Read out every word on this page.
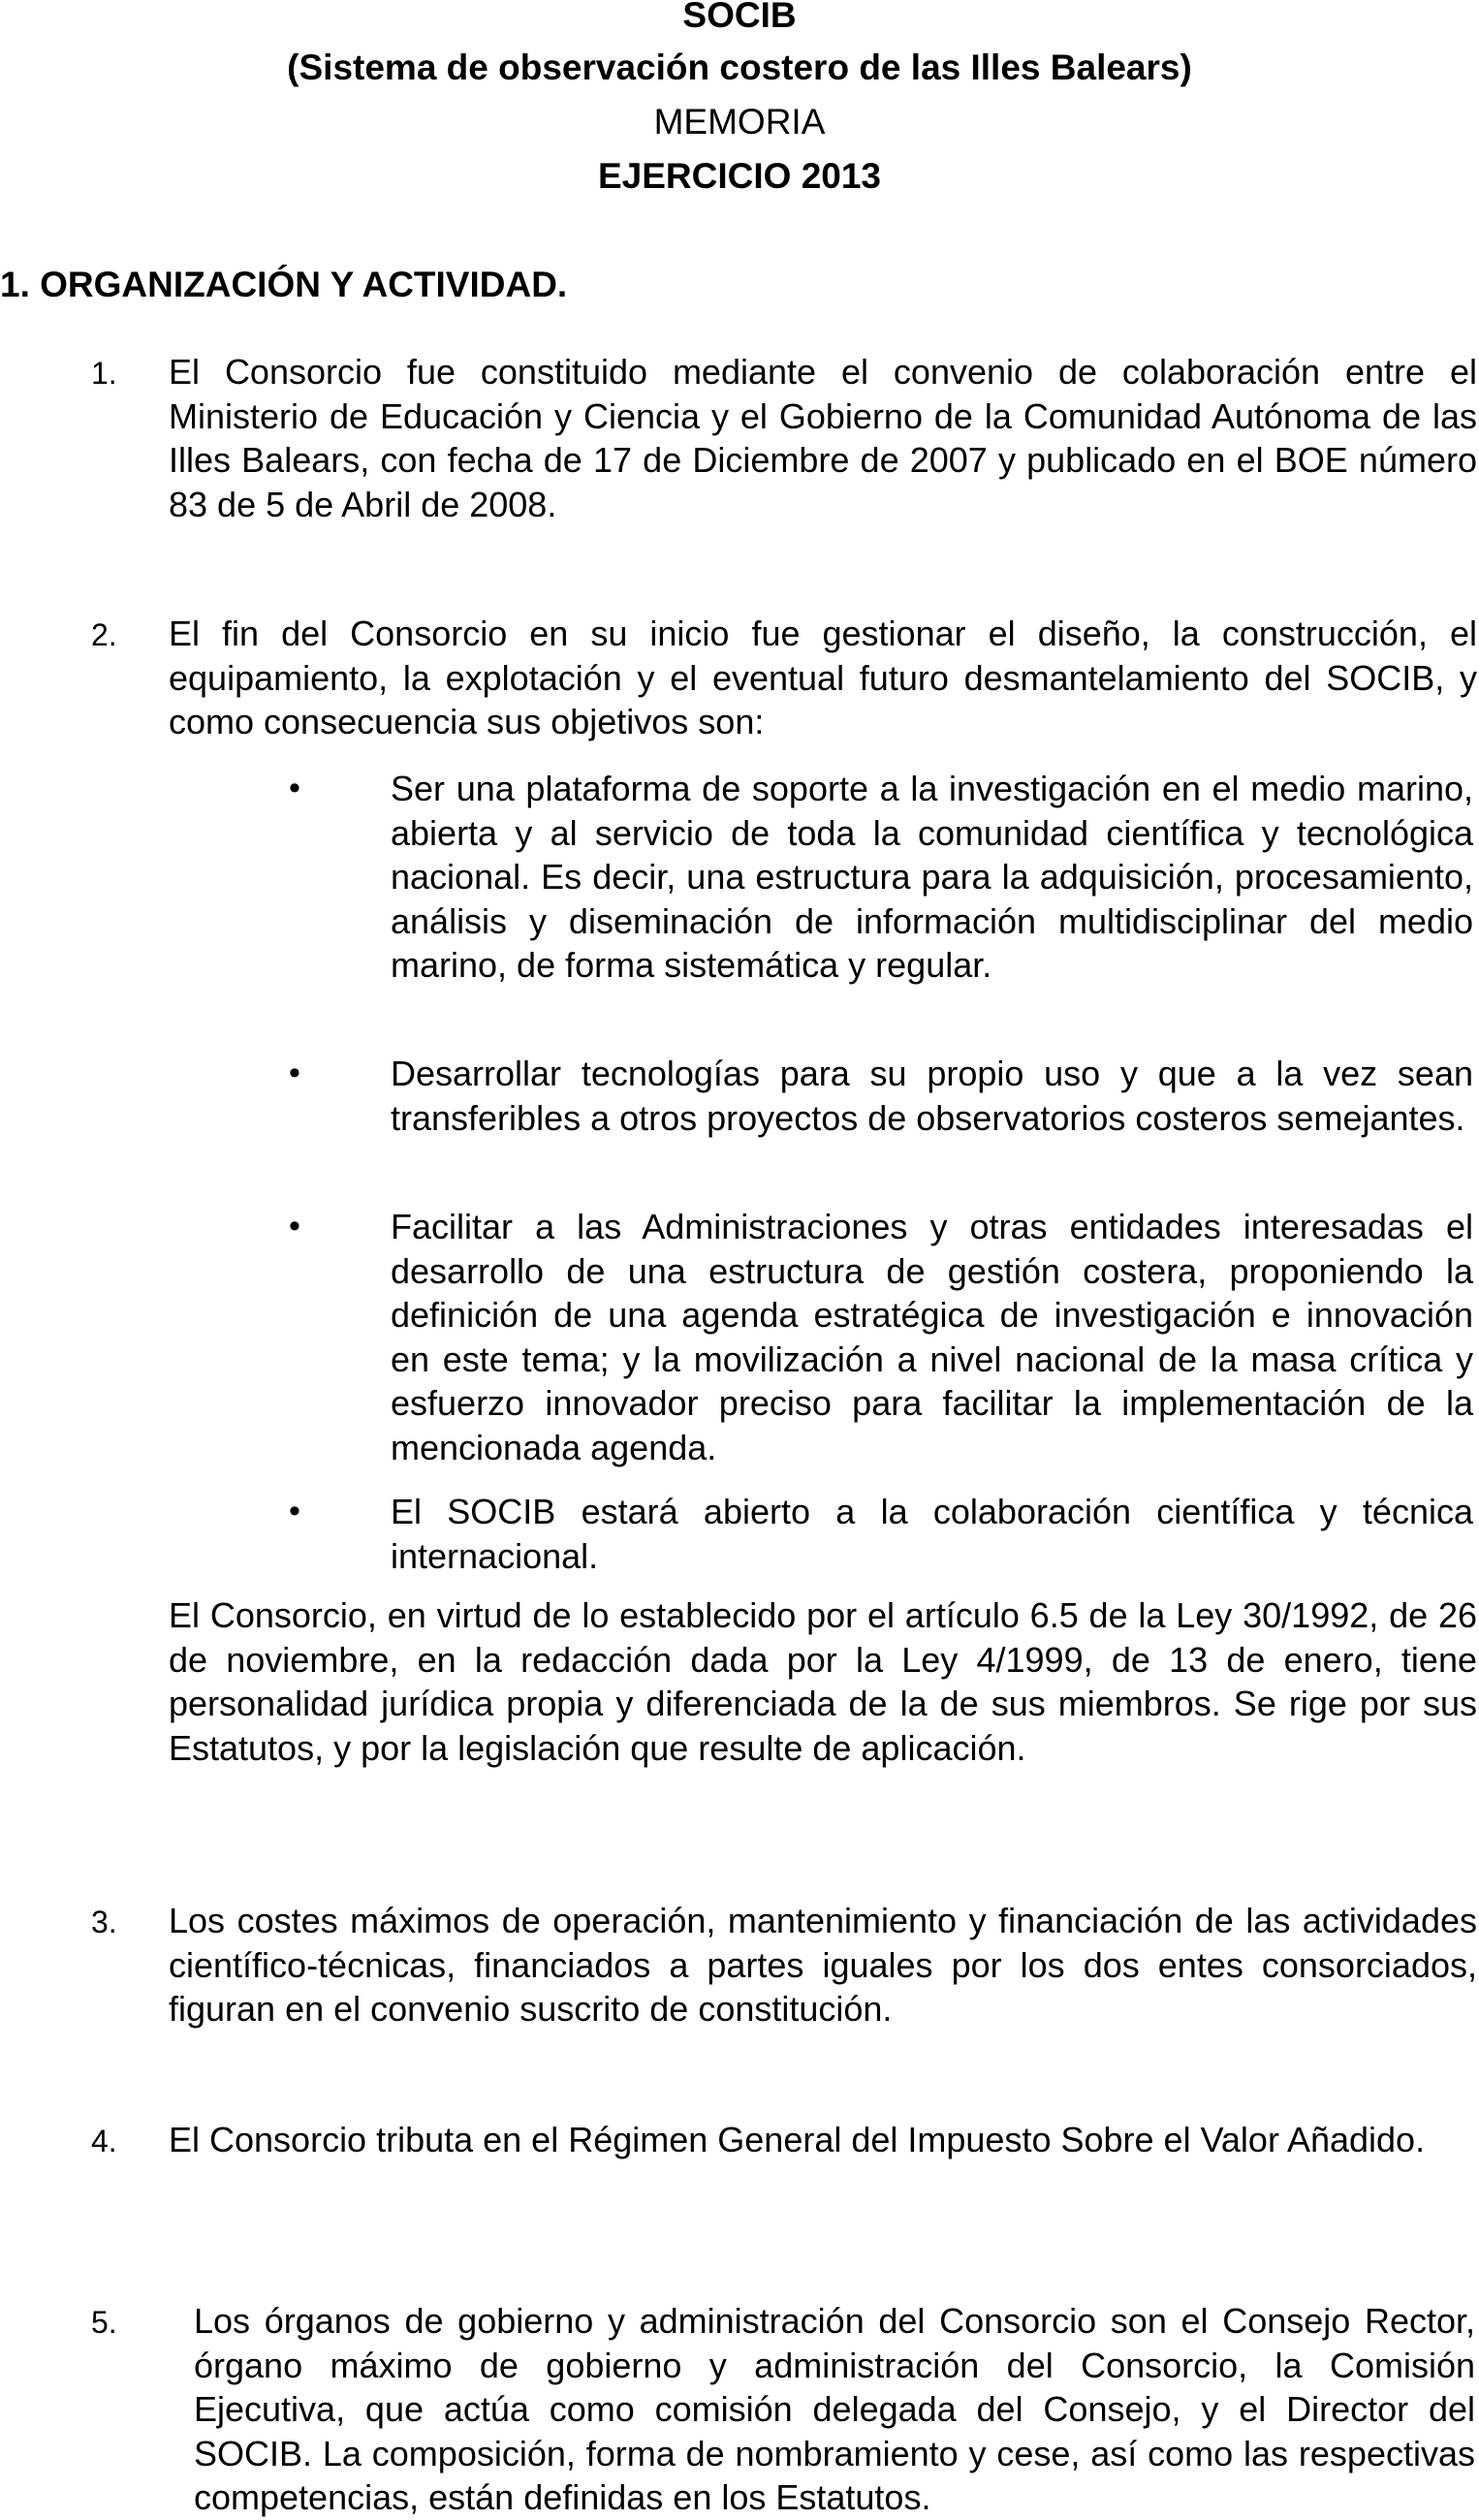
SOCIB
(Sistema de observación costero de las Illes Balears)
MEMORIA
EJERCICIO 2013
1. ORGANIZACIÓN Y ACTIVIDAD.
1. El Consorcio fue constituido mediante el convenio de colaboración entre el Ministerio de Educación y Ciencia y el Gobierno de la Comunidad Autónoma de las Illes Balears, con fecha de 17 de Diciembre de 2007 y publicado en el BOE número 83 de 5 de Abril de 2008.

2. El fin del Consorcio en su inicio fue gestionar el diseño, la construcción, el equipamiento, la explotación y el eventual futuro desmantelamiento del SOCIB, y como consecuencia sus objetivos son:

•	Ser una plataforma de soporte a la investigación en el medio marino, abierta y al servicio de toda la comunidad científica y tecnológica nacional. Es decir, una estructura para la adquisición, procesamiento, análisis y diseminación de información multidisciplinar del medio marino, de forma sistemática y regular.

•	Desarrollar tecnologías para su propio uso y que a la vez sean transferibles a otros proyectos de observatorios costeros semejantes.

•	Facilitar a las Administraciones y otras entidades interesadas el desarrollo de una estructura de gestión costera, proponiendo la definición de una agenda estratégica de investigación e innovación en este tema; y la movilización a nivel nacional de la masa crítica y esfuerzo innovador preciso para facilitar la implementación de la mencionada agenda.

•	El SOCIB estará abierto a la colaboración científica y técnica internacional.

El Consorcio, en virtud de lo establecido por el artículo 6.5 de la Ley 30/1992, de 26 de noviembre, en la redacción dada por la Ley 4/1999, de 13 de enero, tiene personalidad jurídica propia y diferenciada de la de sus miembros. Se rige por sus Estatutos, y por la legislación que resulte de aplicación.

3. Los costes máximos de operación, mantenimiento y financiación de las actividades científico-técnicas, financiados a partes iguales por los dos entes consorciados, figuran en el convenio suscrito de constitución.

4. El Consorcio tributa en el Régimen General del Impuesto Sobre el Valor Añadido.

5. Los órganos de gobierno y administración del Consorcio son el Consejo Rector, órgano máximo de gobierno y administración del Consorcio, la Comisión Ejecutiva, que actúa como comisión delegada del Consejo, y el Director del SOCIB. La composición, forma de nombramiento y cese, así como las respectivas competencias, están definidas en los Estatutos.
